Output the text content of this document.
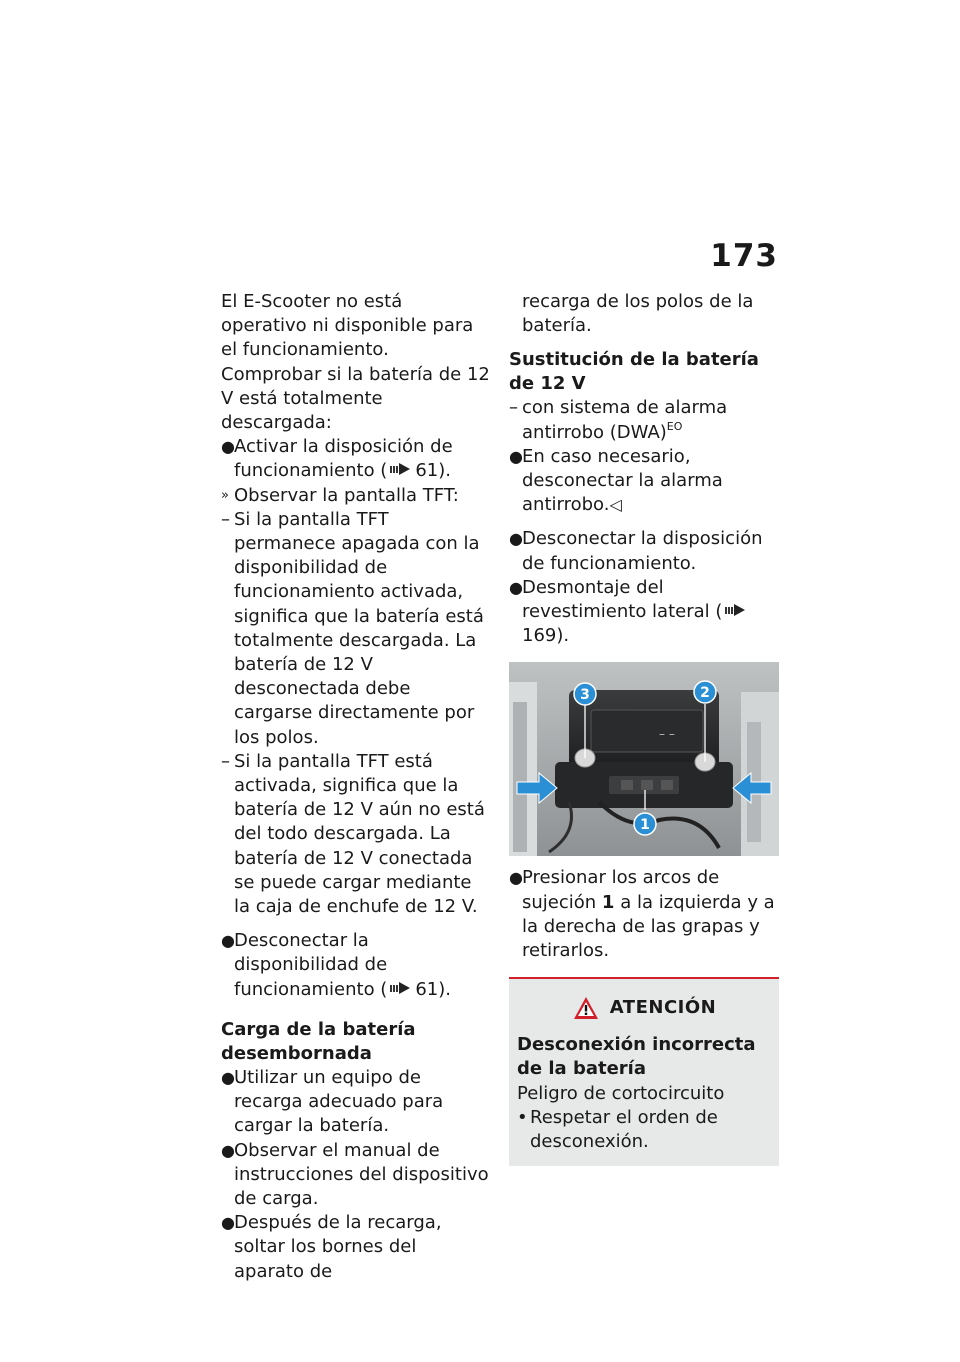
173

El E-Scooter no está operativo ni disponible para el funcionamiento. Comprobar si la batería de 12 V está totalmente descargada:

● Activar la disposición de funcionamiento ( 61).
» Observar la pantalla TFT:
– Si la pantalla TFT permanece apagada con la disponibilidad de funcionamiento activada, significa que la batería está totalmente descargada. La batería de 12 V desconectada debe cargarse directamente por los polos.
– Si la pantalla TFT está activada, significa que la batería de 12 V aún no está del todo descargada. La batería de 12 V conectada se puede cargar mediante la caja de enchufe de 12 V.
● Desconectar la disponibilidad de funcionamiento ( 61).

Carga de la batería desembornada

● Utilizar un equipo de recarga adecuado para cargar la batería.
● Observar el manual de instrucciones del dispositivo de carga.
● Después de la recarga, soltar los bornes del aparato de

recarga de los polos de la batería.

Sustitución de la batería de 12 V

– con sistema de alarma antirrobo (DWA)$^{EO}$
● En caso necesario, desconectar la alarma antirrobo.◁
● Desconectar la disposición de funcionamiento.
● Desmontaje del revestimiento lateral (
169).
– –
3	2
1
● Presionar los arcos de sujeción 1 a la izquierda y a la derecha de las grapas y retirarlos.
ATENCIÓN

Desconexión incorrecta de la batería

Peligro de cortocircuito

• Respetar el orden de desconexión.
